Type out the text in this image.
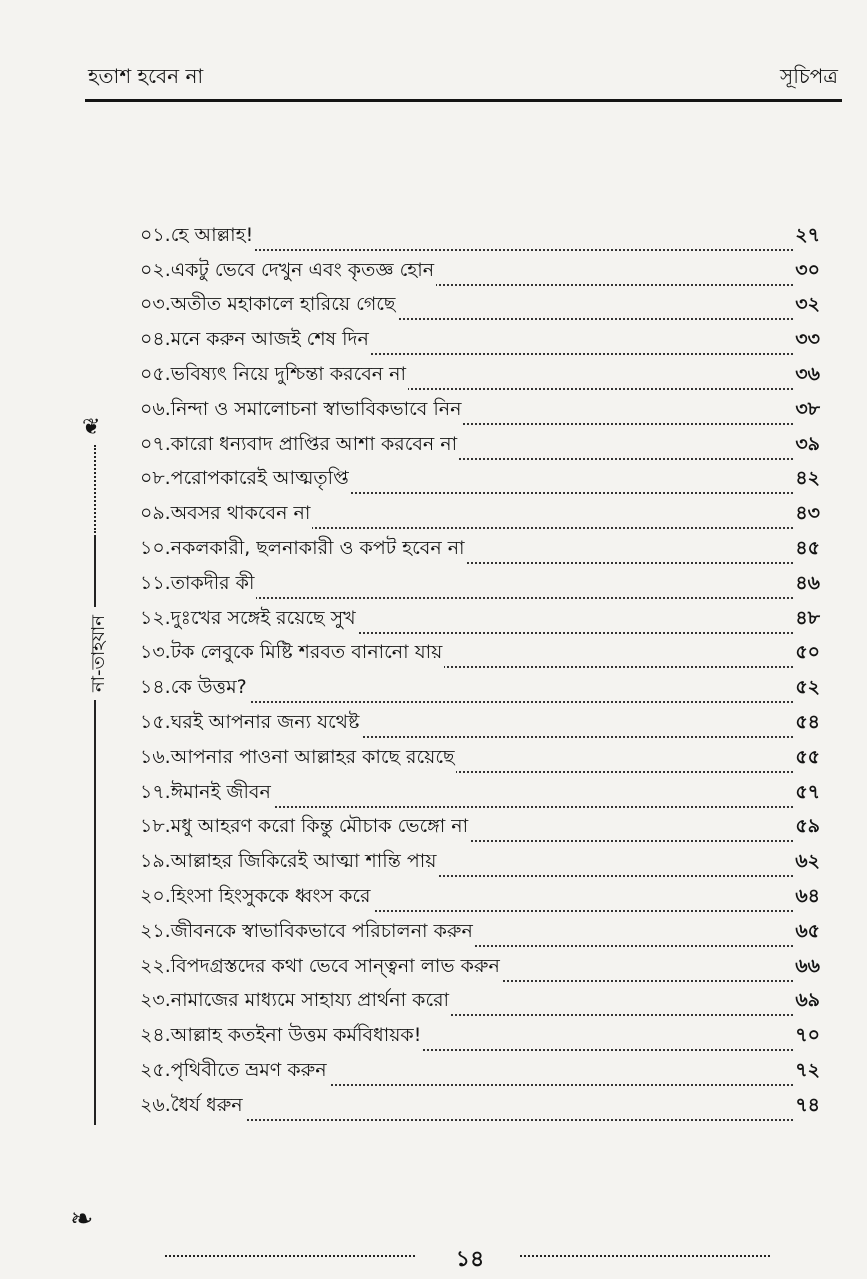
হতাশ হবেন না	সূচিপত্র
❦
না-তাহযান
০১.হে আল্লাহ!	২৭
০২.একটু ভেবে দেখুন এবং কৃতজ্ঞ হোন	৩০
০৩.অতীত মহাকালে হারিয়ে গেছে	৩২
০৪.মনে করুন আজই শেষ দিন	৩৩
০৫.ভবিষ্যৎ নিয়ে দুশ্চিন্তা করবেন না	৩৬
০৬.নিন্দা ও সমালোচনা স্বাভাবিকভাবে নিন	৩৮
০৭.কারো ধন্যবাদ প্রাপ্তির আশা করবেন না	৩৯
০৮.পরোপকারেই আত্মতৃপ্তি	৪২
০৯.অবসর থাকবেন না	৪৩
১০.নকলকারী, ছলনাকারী ও কপট হবেন না	৪৫
১১.তাকদীর কী	৪৬
১২.দুঃখের সঙ্গেই রয়েছে সুখ	৪৮
১৩.টক লেবুকে মিষ্টি শরবত বানানো যায়	৫০
১৪.কে উত্তম?	৫২
১৫.ঘরই আপনার জন্য যথেষ্ট	৫৪
১৬.আপনার পাওনা আল্লাহর কাছে রয়েছে	৫৫
১৭.ঈমানই জীবন	৫৭
১৮.মধু আহরণ করো কিন্তু মৌচাক ভেঙ্গো না	৫৯
১৯.আল্লাহর জিকিরেই আত্মা শান্তি পায়	৬২
২০.হিংসা হিংসুককে ধ্বংস করে	৬৪
২১.জীবনকে স্বাভাবিকভাবে পরিচালনা করুন	৬৫
২২.বিপদগ্রস্তদের কথা ভেবে সান্ত্বনা লাভ করুন	৬৬
২৩.নামাজের মাধ্যমে সাহায্য প্রার্থনা করো	৬৯
২৪.আল্লাহ কতইনা উত্তম কর্মবিধায়ক!	৭০
২৫.পৃথিবীতে ভ্রমণ করুন	৭২
২৬.ধৈর্য ধরুন	৭৪
❧
১৪
